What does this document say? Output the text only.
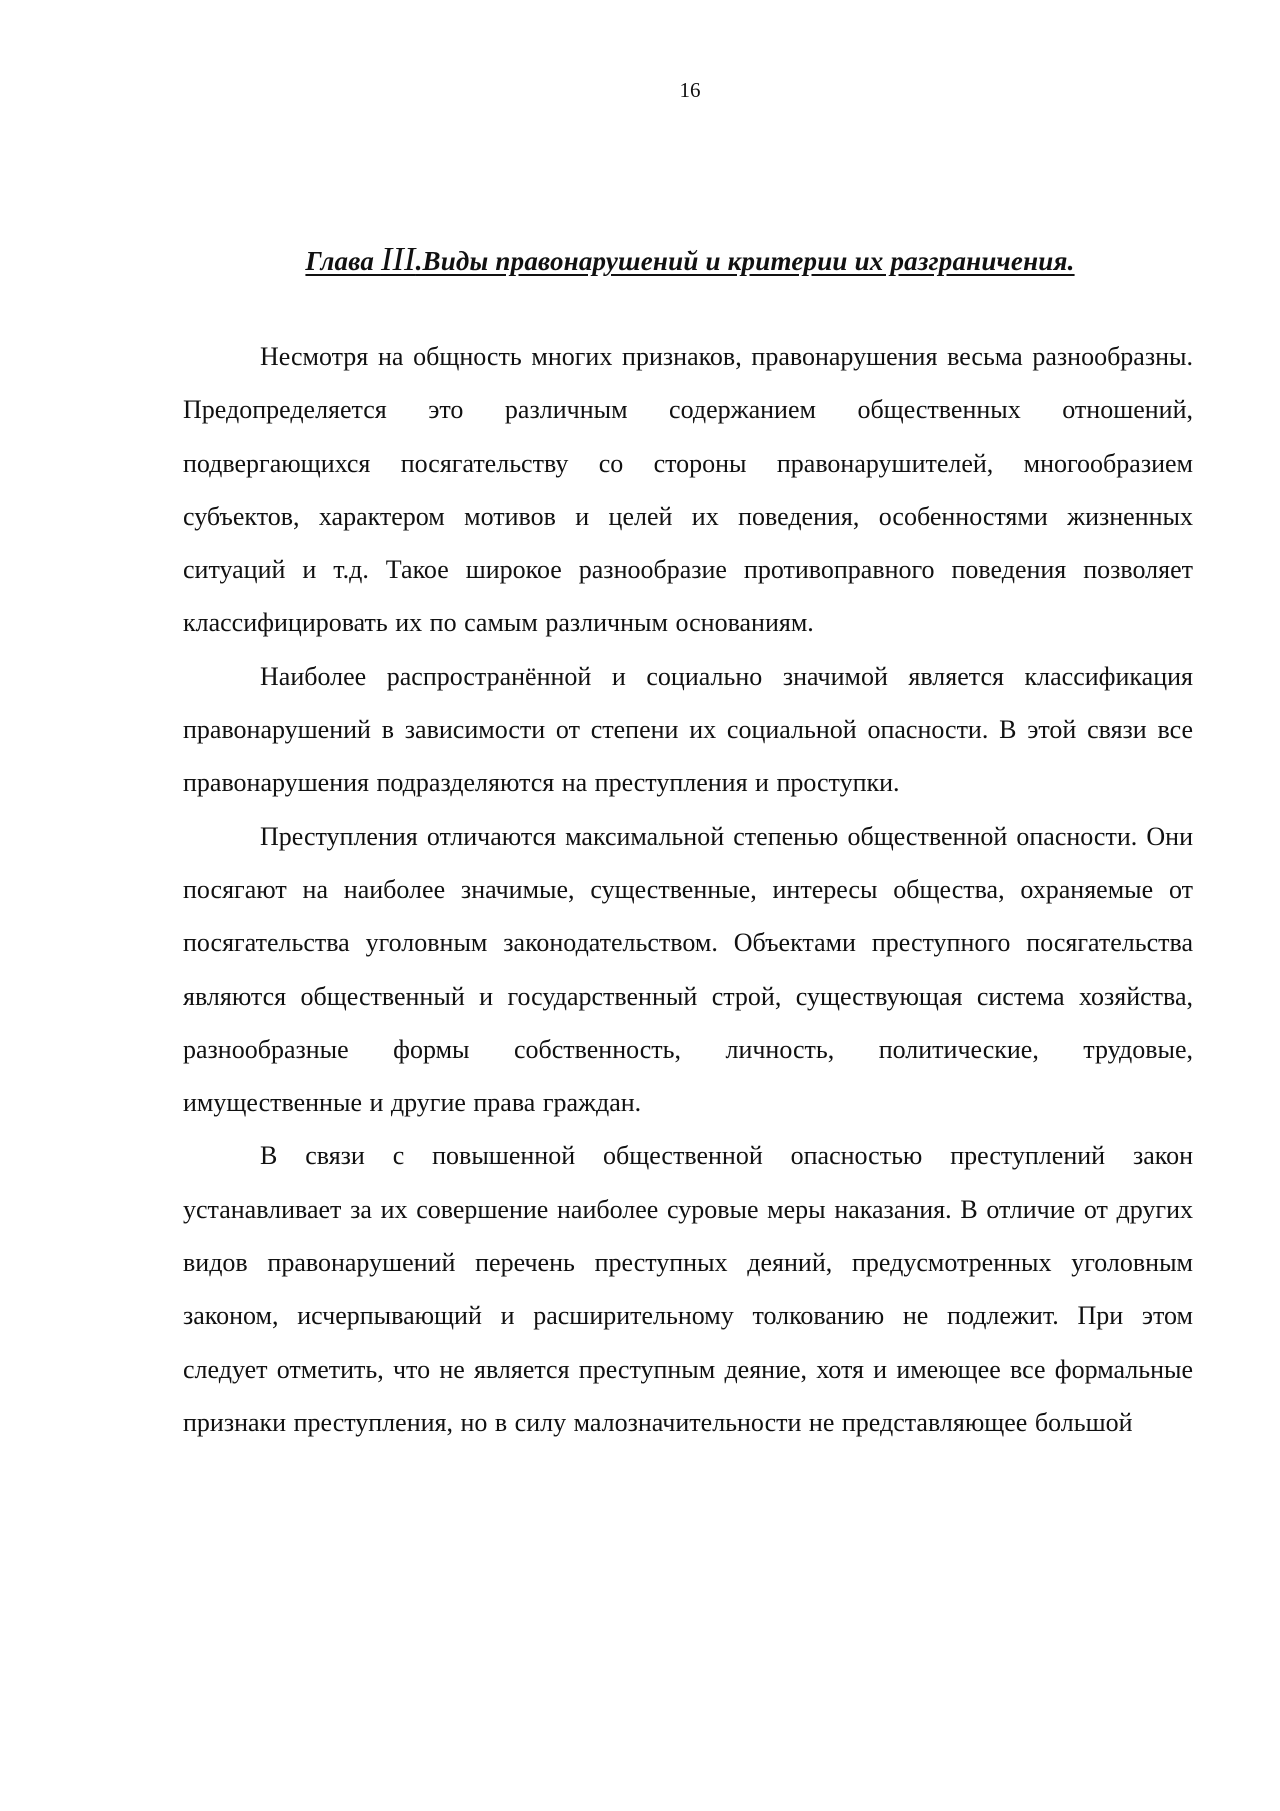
16
Глава III.Виды правонарушений и критерии их разграничения.

Несмотря на общность многих признаков, правонарушения весьма разнообразны. Предопределяется это различным содержанием общественных отношений, подвергающихся посягательству со стороны правонарушителей, многообразием субъектов, характером мотивов и целей их поведения, особенностями жизненных ситуаций и т.д. Такое широкое разнообразие противоправного поведения позволяет классифицировать их по самым различным основаниям.

Наиболее распространённой и социально значимой является классификация правонарушений в зависимости от степени их социальной опасности. В этой связи все правонарушения подразделяются на преступления и проступки.

Преступления отличаются максимальной степенью общественной опасности. Они посягают на наиболее значимые, существенные, интересы общества, охраняемые от посягательства уголовным законодательством. Объектами преступного посягательства являются общественный и государственный строй, существующая система хозяйства, разнообразные формы собственность, личность, политические, трудовые, имущественные и другие права граждан.

В связи с повышенной общественной опасностью преступлений закон устанавливает за их совершение наиболее суровые меры наказания. В отличие от других видов правонарушений перечень преступных деяний, предусмотренных уголовным законом, исчерпывающий и расширительному толкованию не подлежит. При этом следует отметить, что не является преступным деяние, хотя и имеющее все формальные признаки преступления, но в силу малозначительности не представляющее большой
